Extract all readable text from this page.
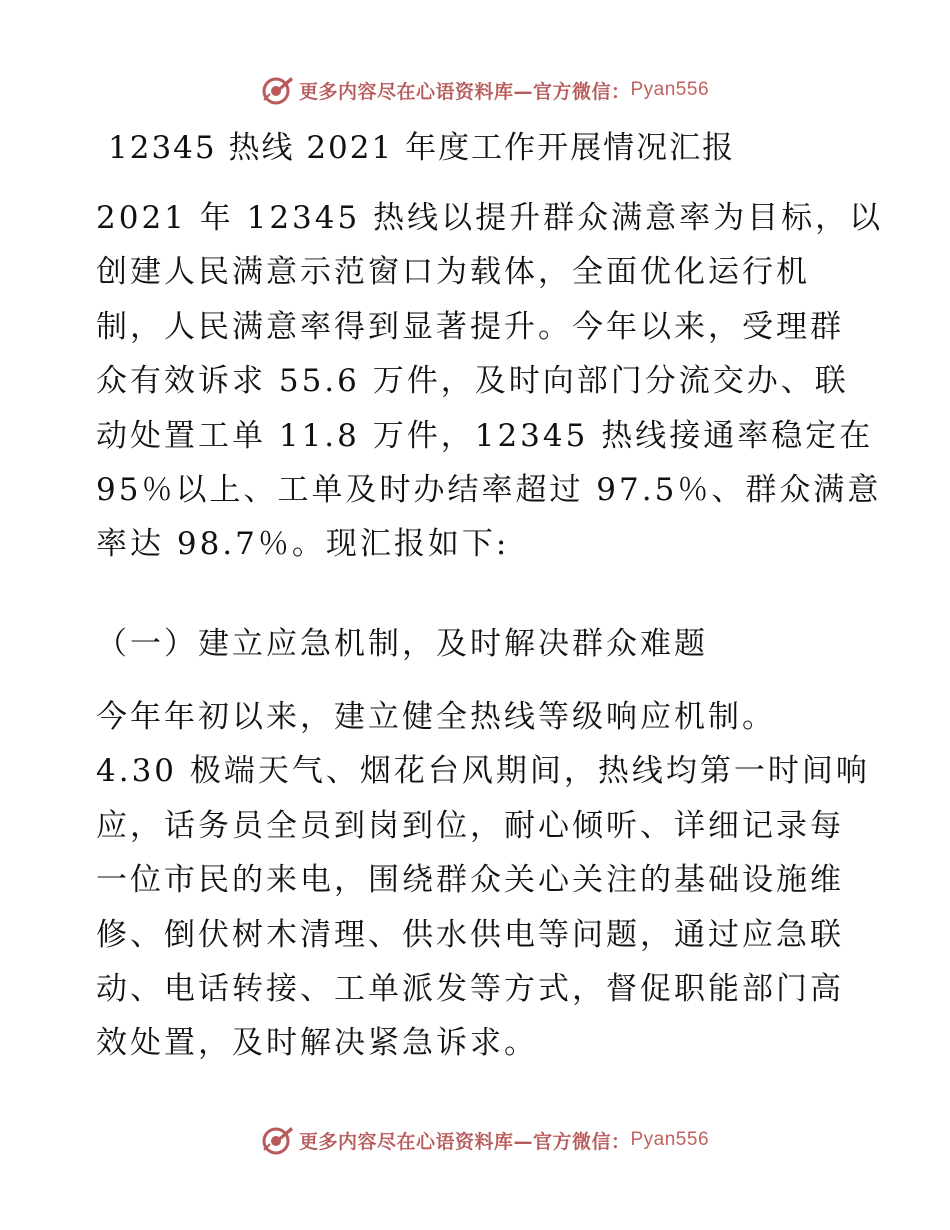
更多内容尽在心语资料库—官方微信： Pyan556
12345 热线 2021 年度工作开展情况汇报
2021 年 12345 热线以提升群众满意率为目标，以
创建人民满意示范窗口为载体，全面优化运行机
制，人民满意率得到显著提升。今年以来，受理群
众有效诉求 55.6 万件，及时向部门分流交办、联
动处置工单 11.8 万件，12345 热线接通率稳定在
95％以上、工单及时办结率超过 97.5％、群众满意
率达 98.7％。现汇报如下:
（一）建立应急机制，及时解决群众难题
今年年初以来，建立健全热线等级响应机制。
4.30 极端天气、烟花台风期间，热线均第一时间响
应，话务员全员到岗到位，耐心倾听、详细记录每
一位市民的来电，围绕群众关心关注的基础设施维
修、倒伏树木清理、供水供电等问题，通过应急联
动、电话转接、工单派发等方式，督促职能部门高
效处置，及时解决紧急诉求。
更多内容尽在心语资料库—官方微信： Pyan556
